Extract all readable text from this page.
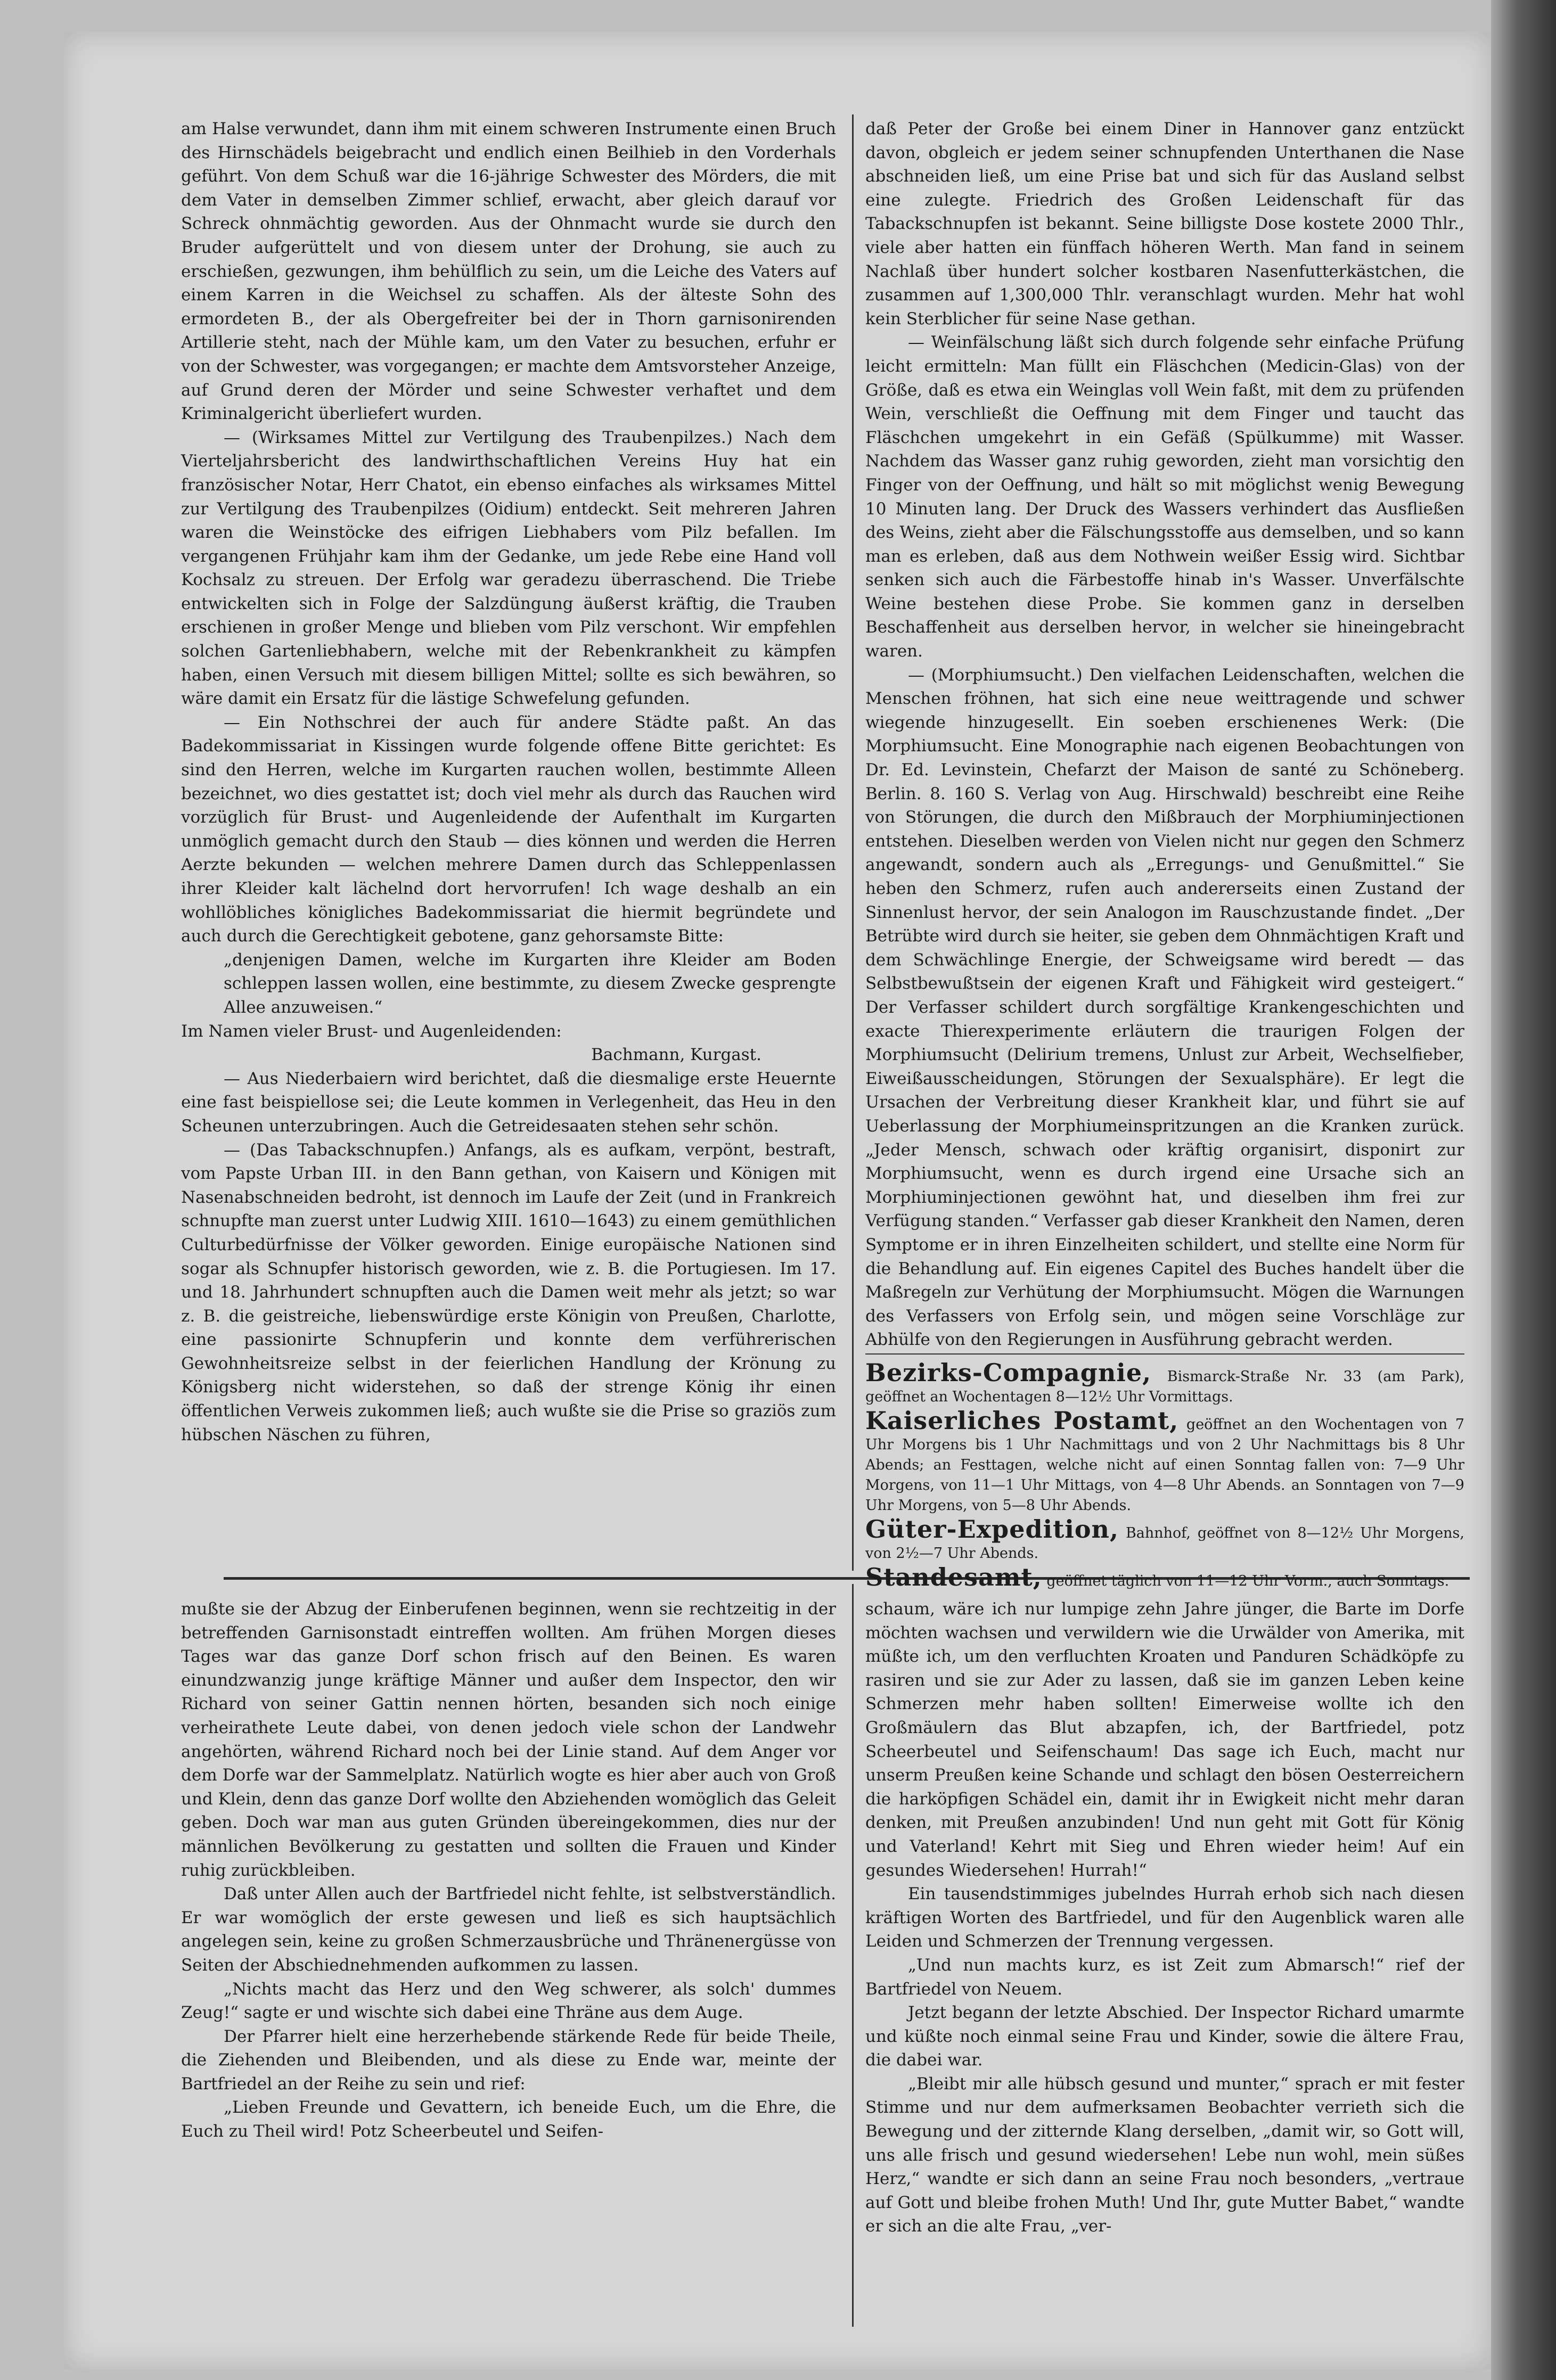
am Halse verwundet, dann ihm mit einem schweren Instrumente einen Bruch des Hirnschädels beigebracht und endlich einen Beilhieb in den Vorderhals geführt. Von dem Schuß war die 16-jährige Schwester des Mörders, die mit dem Vater in demselben Zimmer schlief, erwacht, aber gleich darauf vor Schreck ohnmächtig geworden. Aus der Ohnmacht wurde sie durch den Bruder aufgerüttelt und von diesem unter der Drohung, sie auch zu erschießen, gezwungen, ihm behülflich zu sein, um die Leiche des Vaters auf einem Karren in die Weichsel zu schaffen. Als der älteste Sohn des ermordeten B., der als Obergefreiter bei der in Thorn garnisonirenden Artillerie steht, nach der Mühle kam, um den Vater zu besuchen, erfuhr er von der Schwester, was vorgegangen; er machte dem Amtsvorsteher Anzeige, auf Grund deren der Mörder und seine Schwester verhaftet und dem Kriminalgericht überliefert wurden.

— (Wirksames Mittel zur Vertilgung des Traubenpilzes.) Nach dem Vierteljahrsbericht des landwirthschaftlichen Vereins Huy hat ein französischer Notar, Herr Chatot, ein ebenso einfaches als wirksames Mittel zur Vertilgung des Traubenpilzes (Oidium) entdeckt. Seit mehreren Jahren waren die Weinstöcke des eifrigen Liebhabers vom Pilz befallen. Im vergangenen Frühjahr kam ihm der Gedanke, um jede Rebe eine Hand voll Kochsalz zu streuen. Der Erfolg war geradezu überraschend. Die Triebe entwickelten sich in Folge der Salzdüngung äußerst kräftig, die Trauben erschienen in großer Menge und blieben vom Pilz verschont. Wir empfehlen solchen Gartenliebhabern, welche mit der Rebenkrankheit zu kämpfen haben, einen Versuch mit diesem billigen Mittel; sollte es sich bewähren, so wäre damit ein Ersatz für die lästige Schwefelung gefunden.

— Ein Nothschrei der auch für andere Städte paßt. An das Badekommissariat in Kissingen wurde folgende offene Bitte gerichtet: Es sind den Herren, welche im Kurgarten rauchen wollen, bestimmte Alleen bezeichnet, wo dies gestattet ist; doch viel mehr als durch das Rauchen wird vorzüglich für Brust- und Augenleidende der Aufenthalt im Kurgarten unmöglich gemacht durch den Staub — dies können und werden die Herren Aerzte bekunden — welchen mehrere Damen durch das Schleppenlassen ihrer Kleider kalt lächelnd dort hervorrufen! Ich wage deshalb an ein wohllöbliches königliches Badekommissariat die hiermit begründete und auch durch die Gerechtigkeit gebotene, ganz gehorsamste Bitte:

„denjenigen Damen, welche im Kurgarten ihre Kleider am Boden schleppen lassen wollen, eine bestimmte, zu diesem Zwecke gesprengte Allee anzuweisen.“

Im Namen vieler Brust- und Augenleidenden:

Bachmann, Kurgast.

— Aus Niederbaiern wird berichtet, daß die diesmalige erste Heuernte eine fast beispiellose sei; die Leute kommen in Verlegenheit, das Heu in den Scheunen unterzubringen. Auch die Getreidesaaten stehen sehr schön.

— (Das Tabackschnupfen.) Anfangs, als es aufkam, verpönt, bestraft, vom Papste Urban III. in den Bann gethan, von Kaisern und Königen mit Nasenabschneiden bedroht, ist dennoch im Laufe der Zeit (und in Frankreich schnupfte man zuerst unter Ludwig XIII. 1610—1643) zu einem gemüthlichen Culturbedürfnisse der Völker geworden. Einige europäische Nationen sind sogar als Schnupfer historisch geworden, wie z. B. die Portugiesen. Im 17. und 18. Jahrhundert schnupften auch die Damen weit mehr als jetzt; so war z. B. die geistreiche, liebenswürdige erste Königin von Preußen, Charlotte, eine passionirte Schnupferin und konnte dem verführerischen Gewohnheitsreize selbst in der feierlichen Handlung der Krönung zu Königsberg nicht widerstehen, so daß der strenge König ihr einen öffentlichen Verweis zukommen ließ; auch wußte sie die Prise so graziös zum hübschen Näschen zu führen,

daß Peter der Große bei einem Diner in Hannover ganz entzückt davon, obgleich er jedem seiner schnupfenden Unterthanen die Nase abschneiden ließ, um eine Prise bat und sich für das Ausland selbst eine zulegte. Friedrich des Großen Leidenschaft für das Tabackschnupfen ist bekannt. Seine billigste Dose kostete 2000 Thlr., viele aber hatten ein fünffach höheren Werth. Man fand in seinem Nachlaß über hundert solcher kostbaren Nasenfutterkästchen, die zusammen auf 1,300,000 Thlr. veranschlagt wurden. Mehr hat wohl kein Sterblicher für seine Nase gethan.

— Weinfälschung läßt sich durch folgende sehr einfache Prüfung leicht ermitteln: Man füllt ein Fläschchen (Medicin-Glas) von der Größe, daß es etwa ein Weinglas voll Wein faßt, mit dem zu prüfenden Wein, verschließt die Oeffnung mit dem Finger und taucht das Fläschchen umgekehrt in ein Gefäß (Spülkumme) mit Wasser. Nachdem das Wasser ganz ruhig geworden, zieht man vorsichtig den Finger von der Oeffnung, und hält so mit möglichst wenig Bewegung 10 Minuten lang. Der Druck des Wassers verhindert das Ausfließen des Weins, zieht aber die Fälschungsstoffe aus demselben, und so kann man es erleben, daß aus dem Nothwein weißer Essig wird. Sichtbar senken sich auch die Färbestoffe hinab in's Wasser. Unverfälschte Weine bestehen diese Probe. Sie kommen ganz in derselben Beschaffenheit aus derselben hervor, in welcher sie hineingebracht waren.

— (Morphiumsucht.) Den vielfachen Leidenschaften, welchen die Menschen fröhnen, hat sich eine neue weittragende und schwer wiegende hinzugesellt. Ein soeben erschienenes Werk: (Die Morphiumsucht. Eine Monographie nach eigenen Beobachtungen von Dr. Ed. Levinstein, Chefarzt der Maison de santé zu Schöneberg. Berlin. 8. 160 S. Verlag von Aug. Hirschwald) beschreibt eine Reihe von Störungen, die durch den Mißbrauch der Morphiuminjectionen entstehen. Dieselben werden von Vielen nicht nur gegen den Schmerz angewandt, sondern auch als „Erregungs- und Genußmittel.“ Sie heben den Schmerz, rufen auch andererseits einen Zustand der Sinnenlust hervor, der sein Analogon im Rauschzustande findet. „Der Betrübte wird durch sie heiter, sie geben dem Ohnmächtigen Kraft und dem Schwächlinge Energie, der Schweigsame wird beredt — das Selbstbewußtsein der eigenen Kraft und Fähigkeit wird gesteigert.“ Der Verfasser schildert durch sorgfältige Krankengeschichten und exacte Thierexperimente erläutern die traurigen Folgen der Morphiumsucht (Delirium tremens, Unlust zur Arbeit, Wechselfieber, Eiweißausscheidungen, Störungen der Sexualsphäre). Er legt die Ursachen der Verbreitung dieser Krankheit klar, und führt sie auf Ueberlassung der Morphiumeinspritzungen an die Kranken zurück. „Jeder Mensch, schwach oder kräftig organisirt, disponirt zur Morphiumsucht, wenn es durch irgend eine Ursache sich an Morphiuminjectionen gewöhnt hat, und dieselben ihm frei zur Verfügung standen.“ Verfasser gab dieser Krankheit den Namen, deren Symptome er in ihren Einzelheiten schildert, und stellte eine Norm für die Behandlung auf. Ein eigenes Capitel des Buches handelt über die Maßregeln zur Verhütung der Morphiumsucht. Mögen die Warnungen des Verfassers von Erfolg sein, und mögen seine Vorschläge zur Abhülfe von den Regierungen in Ausführung gebracht werden.

Bezirks-Compagnie, Bismarck-Straße Nr. 33 (am Park), geöffnet an Wochentagen 8—12½ Uhr Vormittags.
Kaiserliches Postamt, geöffnet an den Wochentagen von 7 Uhr Morgens bis 1 Uhr Nachmittags und von 2 Uhr Nachmittags bis 8 Uhr Abends; an Festtagen, welche nicht auf einen Sonntag fallen von: 7—9 Uhr Morgens, von 11—1 Uhr Mittags, von 4—8 Uhr Abends. an Sonntagen von 7—9 Uhr Morgens, von 5—8 Uhr Abends.
Güter-Expedition, Bahnhof, geöffnet von 8—12½ Uhr Morgens, von 2½—7 Uhr Abends.
Standesamt, geöffnet täglich von 11—12 Uhr Vorm., auch Sonntags.

mußte sie der Abzug der Einberufenen beginnen, wenn sie rechtzeitig in der betreffenden Garnisonstadt eintreffen wollten. Am frühen Morgen dieses Tages war das ganze Dorf schon frisch auf den Beinen. Es waren einundzwanzig junge kräftige Männer und außer dem Inspector, den wir Richard von seiner Gattin nennen hörten, besanden sich noch einige verheirathete Leute dabei, von denen jedoch viele schon der Landwehr angehörten, während Richard noch bei der Linie stand. Auf dem Anger vor dem Dorfe war der Sammelplatz. Natürlich wogte es hier aber auch von Groß und Klein, denn das ganze Dorf wollte den Abziehenden womöglich das Geleit geben. Doch war man aus guten Gründen übereingekommen, dies nur der männlichen Bevölkerung zu gestatten und sollten die Frauen und Kinder ruhig zurückbleiben.

Daß unter Allen auch der Bartfriedel nicht fehlte, ist selbstverständlich. Er war womöglich der erste gewesen und ließ es sich hauptsächlich angelegen sein, keine zu großen Schmerzausbrüche und Thränenergüsse von Seiten der Abschiednehmenden aufkommen zu lassen.

„Nichts macht das Herz und den Weg schwerer, als solch' dummes Zeug!“ sagte er und wischte sich dabei eine Thräne aus dem Auge.

Der Pfarrer hielt eine herzerhebende stärkende Rede für beide Theile, die Ziehenden und Bleibenden, und als diese zu Ende war, meinte der Bartfriedel an der Reihe zu sein und rief:

„Lieben Freunde und Gevattern, ich beneide Euch, um die Ehre, die Euch zu Theil wird! Potz Scheerbeutel und Seifen-

schaum, wäre ich nur lumpige zehn Jahre jünger, die Barte im Dorfe möchten wachsen und verwildern wie die Urwälder von Amerika, mit müßte ich, um den verfluchten Kroaten und Panduren Schädköpfe zu rasiren und sie zur Ader zu lassen, daß sie im ganzen Leben keine Schmerzen mehr haben sollten! Eimerweise wollte ich den Großmäulern das Blut abzapfen, ich, der Bartfriedel, potz Scheerbeutel und Seifenschaum! Das sage ich Euch, macht nur unserm Preußen keine Schande und schlagt den bösen Oesterreichern die harköpfigen Schädel ein, damit ihr in Ewigkeit nicht mehr daran denken, mit Preußen anzubinden! Und nun geht mit Gott für König und Vaterland! Kehrt mit Sieg und Ehren wieder heim! Auf ein gesundes Wiedersehen! Hurrah!“

Ein tausendstimmiges jubelndes Hurrah erhob sich nach diesen kräftigen Worten des Bartfriedel, und für den Augenblick waren alle Leiden und Schmerzen der Trennung vergessen.

„Und nun machts kurz, es ist Zeit zum Abmarsch!“ rief der Bartfriedel von Neuem.

Jetzt begann der letzte Abschied. Der Inspector Richard umarmte und küßte noch einmal seine Frau und Kinder, sowie die ältere Frau, die dabei war.

„Bleibt mir alle hübsch gesund und munter,“ sprach er mit fester Stimme und nur dem aufmerksamen Beobachter verrieth sich die Bewegung und der zitternde Klang derselben, „damit wir, so Gott will, uns alle frisch und gesund wiedersehen! Lebe nun wohl, mein süßes Herz,“ wandte er sich dann an seine Frau noch besonders, „vertraue auf Gott und bleibe frohen Muth! Und Ihr, gute Mutter Babet,“ wandte er sich an die alte Frau, „ver-
